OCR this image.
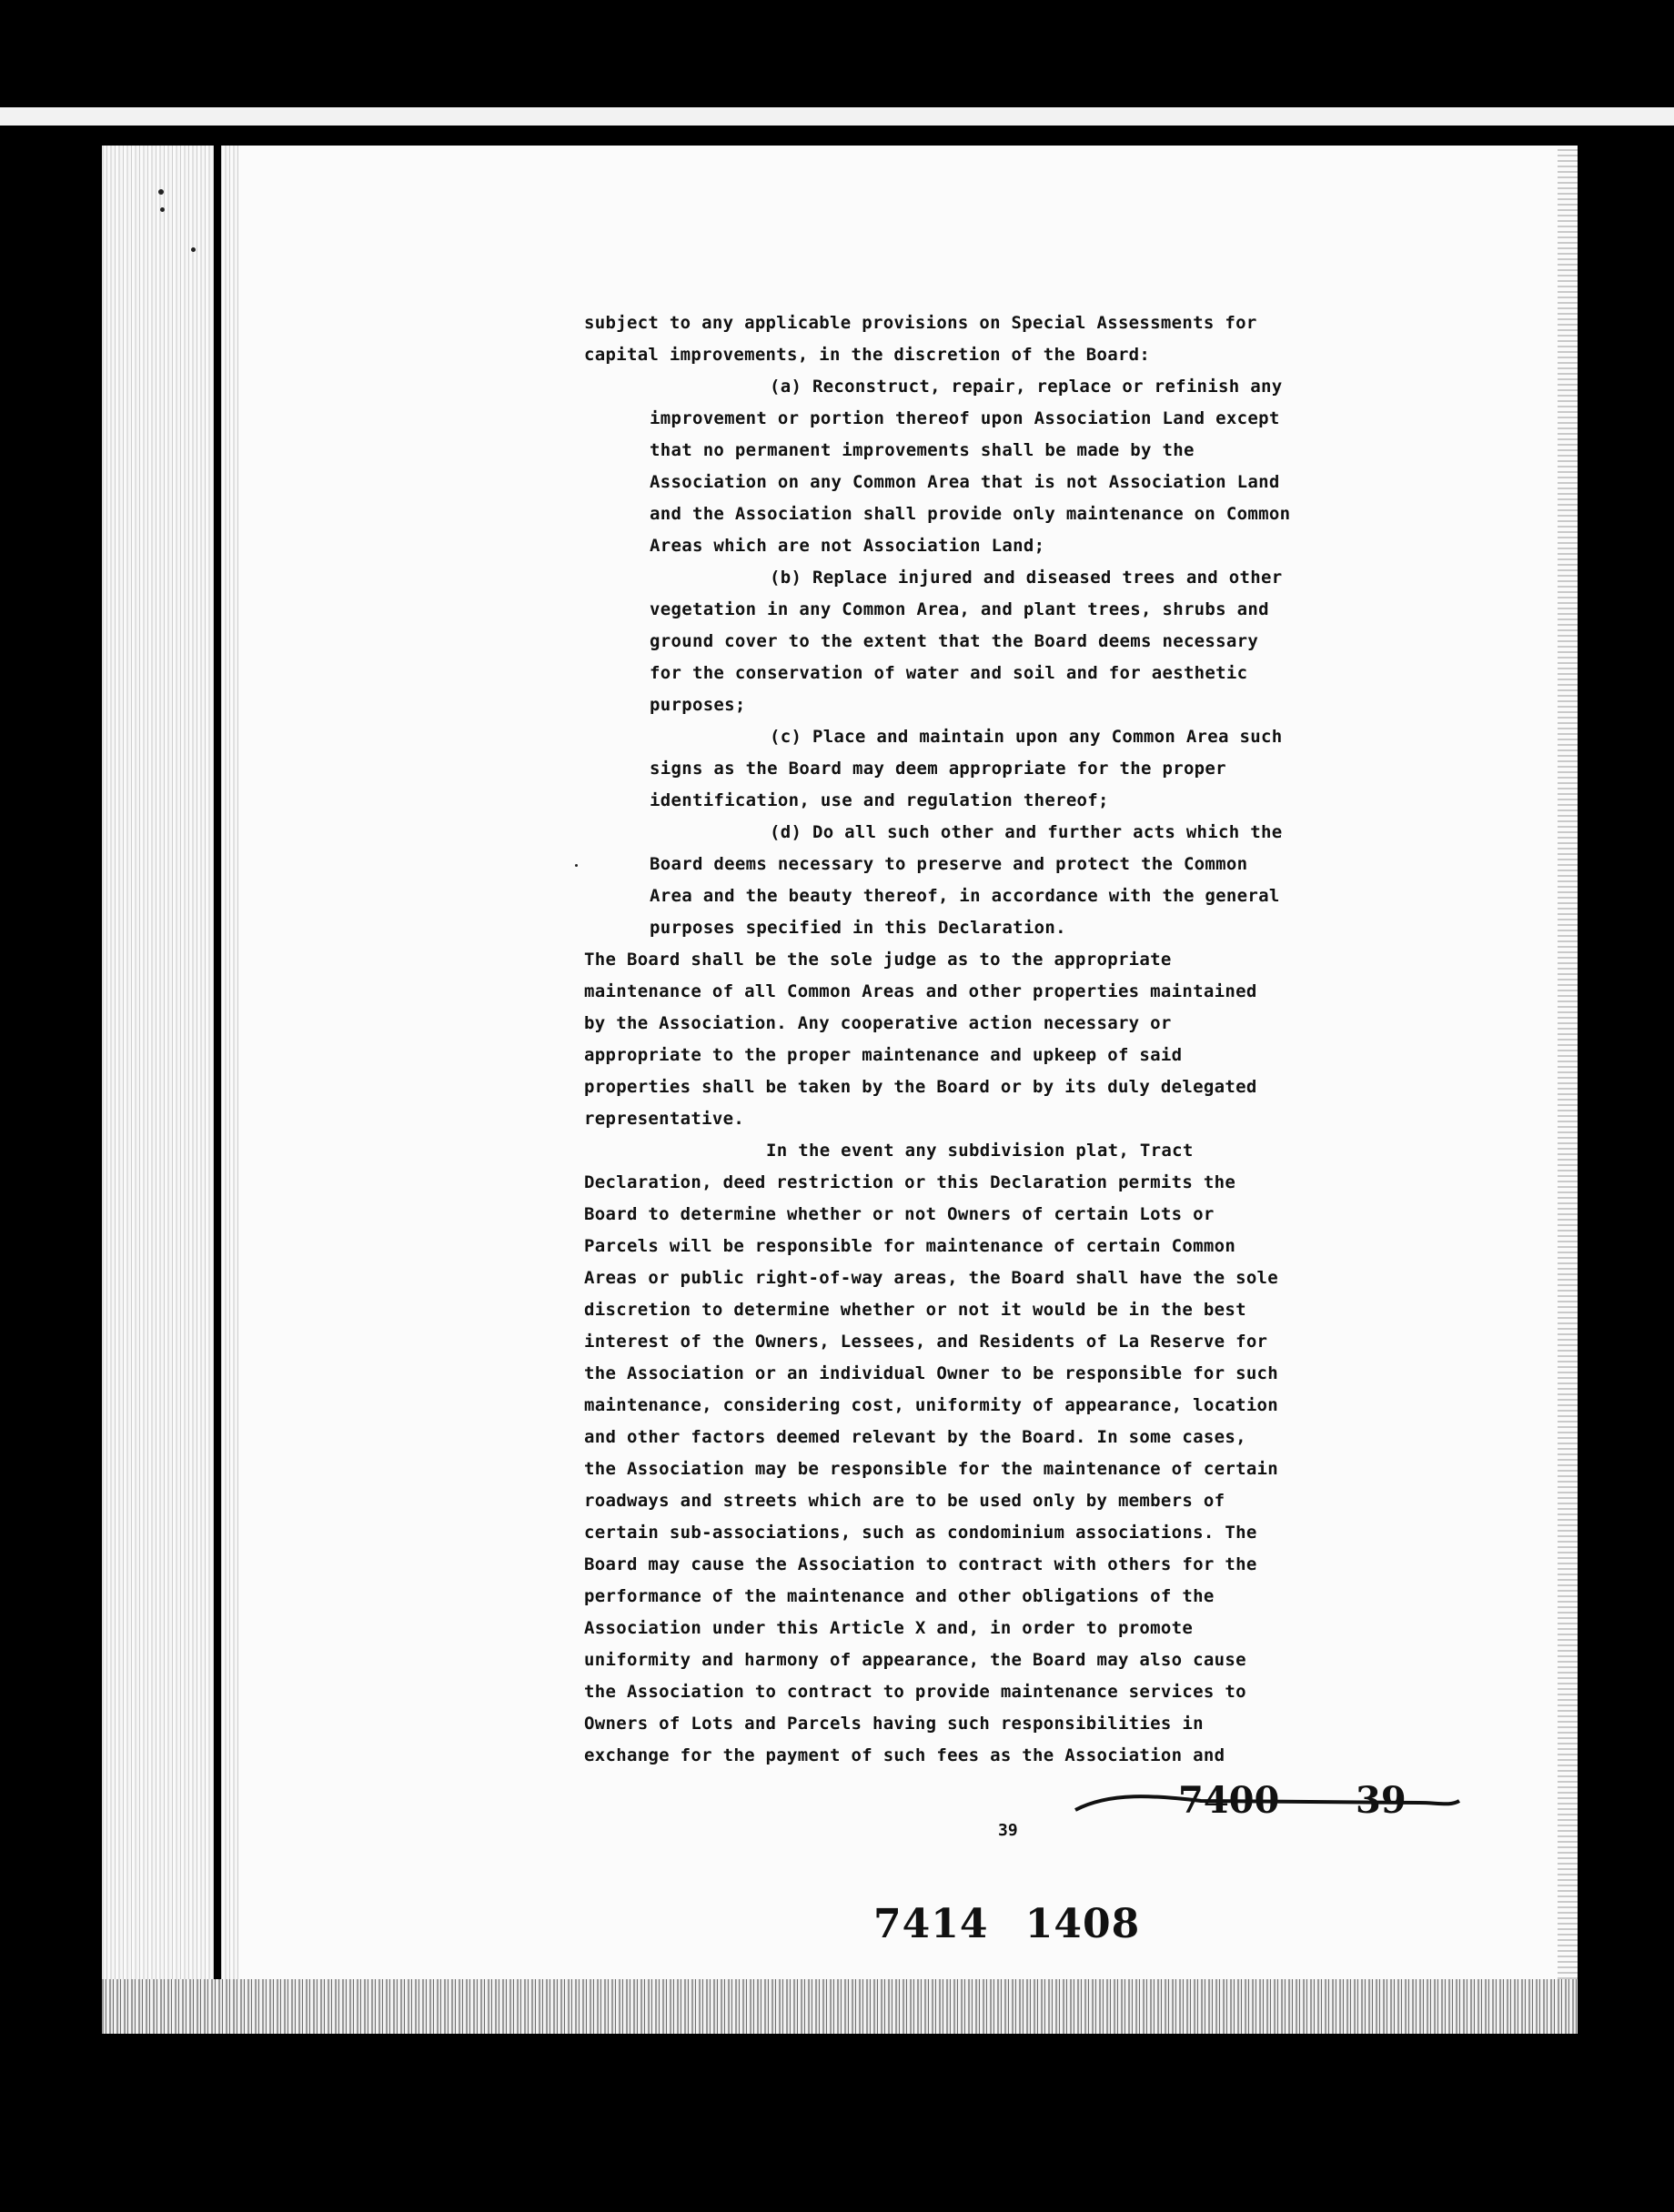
subject to any applicable provisions on Special Assessments for

capital improvements, in the discretion of the Board:

(a) Reconstruct, repair, replace or refinish any

improvement or portion thereof upon Association Land except

that no permanent improvements shall be made by the

Association on any Common Area that is not Association Land

and the Association shall provide only maintenance on Common

Areas which are not Association Land;

(b) Replace injured and diseased trees and other

vegetation in any Common Area, and plant trees, shrubs and

ground cover to the extent that the Board deems necessary

for the conservation of water and soil and for aesthetic

purposes;

(c) Place and maintain upon any Common Area such

signs as the Board may deem appropriate for the proper

identification, use and regulation thereof;

(d) Do all such other and further acts which the

Board deems necessary to preserve and protect the Common

Area and the beauty thereof, in accordance with the general

purposes specified in this Declaration.

The Board shall be the sole judge as to the appropriate

maintenance of all Common Areas and other properties maintained

by the Association. Any cooperative action necessary or

appropriate to the proper maintenance and upkeep of said

properties shall be taken by the Board or by its duly delegated

representative.

In the event any subdivision plat, Tract

Declaration, deed restriction or this Declaration permits the

Board to determine whether or not Owners of certain Lots or

Parcels will be responsible for maintenance of certain Common

Areas or public right-of-way areas, the Board shall have the sole

discretion to determine whether or not it would be in the best

interest of the Owners, Lessees, and Residents of La Reserve for

the Association or an individual Owner to be responsible for such

maintenance, considering cost, uniformity of appearance, location

and other factors deemed relevant by the Board. In some cases,

the Association may be responsible for the maintenance of certain

roadways and streets which are to be used only by members of

certain sub-associations, such as condominium associations. The

Board may cause the Association to contract with others for the

performance of the maintenance and other obligations of the

Association under this Article X and, in order to promote

uniformity and harmony of appearance, the Board may also cause

the Association to contract to provide maintenance services to

Owners of Lots and Parcels having such responsibilities in

exchange for the payment of such fees as the Association and

7400 39
39
7414 1408
